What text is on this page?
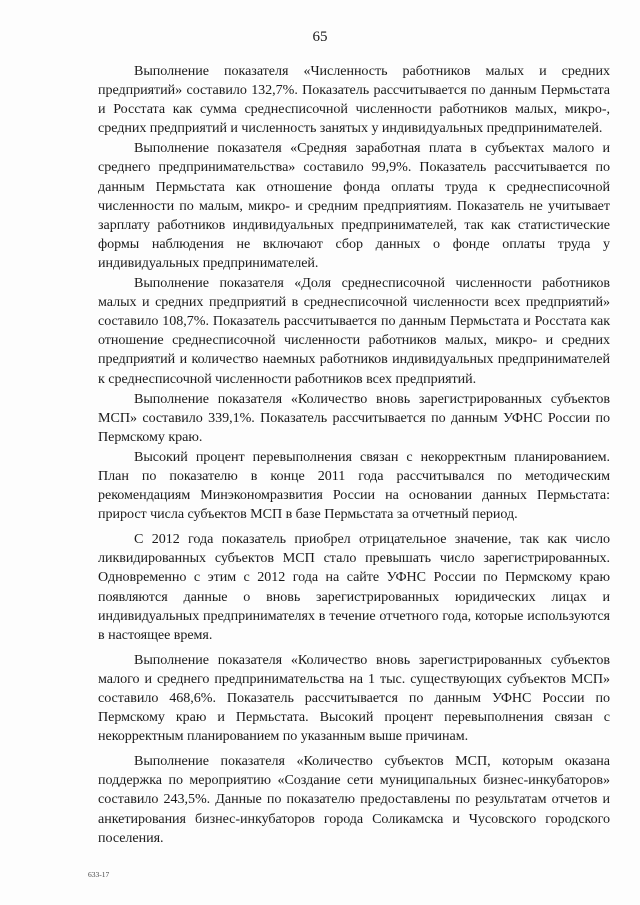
65

Выполнение показателя «Численность работников малых и средних предприятий» составило 132,7%. Показатель рассчитывается по данным Пермьстата и Росстата как сумма среднесписочной численности работников малых, микро-, средних предприятий и численность занятых у индивидуальных предпринимателей.

Выполнение показателя «Средняя заработная плата в субъектах малого и среднего предпринимательства» составило 99,9%. Показатель рассчитывается по данным Пермьстата как отношение фонда оплаты труда к среднесписочной численности по малым, микро- и средним предприятиям. Показатель не учитывает зарплату работников индивидуальных предпринимателей, так как статистические формы наблюдения не включают сбор данных о фонде оплаты труда у индивидуальных предпринимателей.

Выполнение показателя «Доля среднесписочной численности работников малых и средних предприятий в среднесписочной численности всех предприятий» составило 108,7%. Показатель рассчитывается по данным Пермьстата и Росстата как отношение среднесписочной численности работников малых, микро- и средних предприятий и количество наемных работников индивидуальных предпринимателей к среднесписочной численности работников всех предприятий.

Выполнение показателя «Количество вновь зарегистрированных субъектов МСП» составило 339,1%. Показатель рассчитывается по данным УФНС России по Пермскому краю.

Высокий процент перевыполнения связан с некорректным планированием. План по показателю в конце 2011 года рассчитывался по методическим рекомендациям Минэкономразвития России на основании данных Пермьстата: прирост числа субъектов МСП в базе Пермьстата за отчетный период.

С 2012 года показатель приобрел отрицательное значение, так как число ликвидированных субъектов МСП стало превышать число зарегистрированных. Одновременно с этим с 2012 года на сайте УФНС России по Пермскому краю появляются данные о вновь зарегистрированных юридических лицах и индивидуальных предпринимателях в течение отчетного года, которые используются в настоящее время.

Выполнение показателя «Количество вновь зарегистрированных субъектов малого и среднего предпринимательства на 1 тыс. существующих субъектов МСП» составило 468,6%. Показатель рассчитывается по данным УФНС России по Пермскому краю и Пермьстата. Высокий процент перевыполнения связан с некорректным планированием по указанным выше причинам.

Выполнение показателя «Количество субъектов МСП, которым оказана поддержка по мероприятию «Создание сети муниципальных бизнес-инкубаторов» составило 243,5%. Данные по показателю предоставлены по результатам отчетов и анкетирования бизнес-инкубаторов города Соликамска и Чусовского городского поселения.

633-17
